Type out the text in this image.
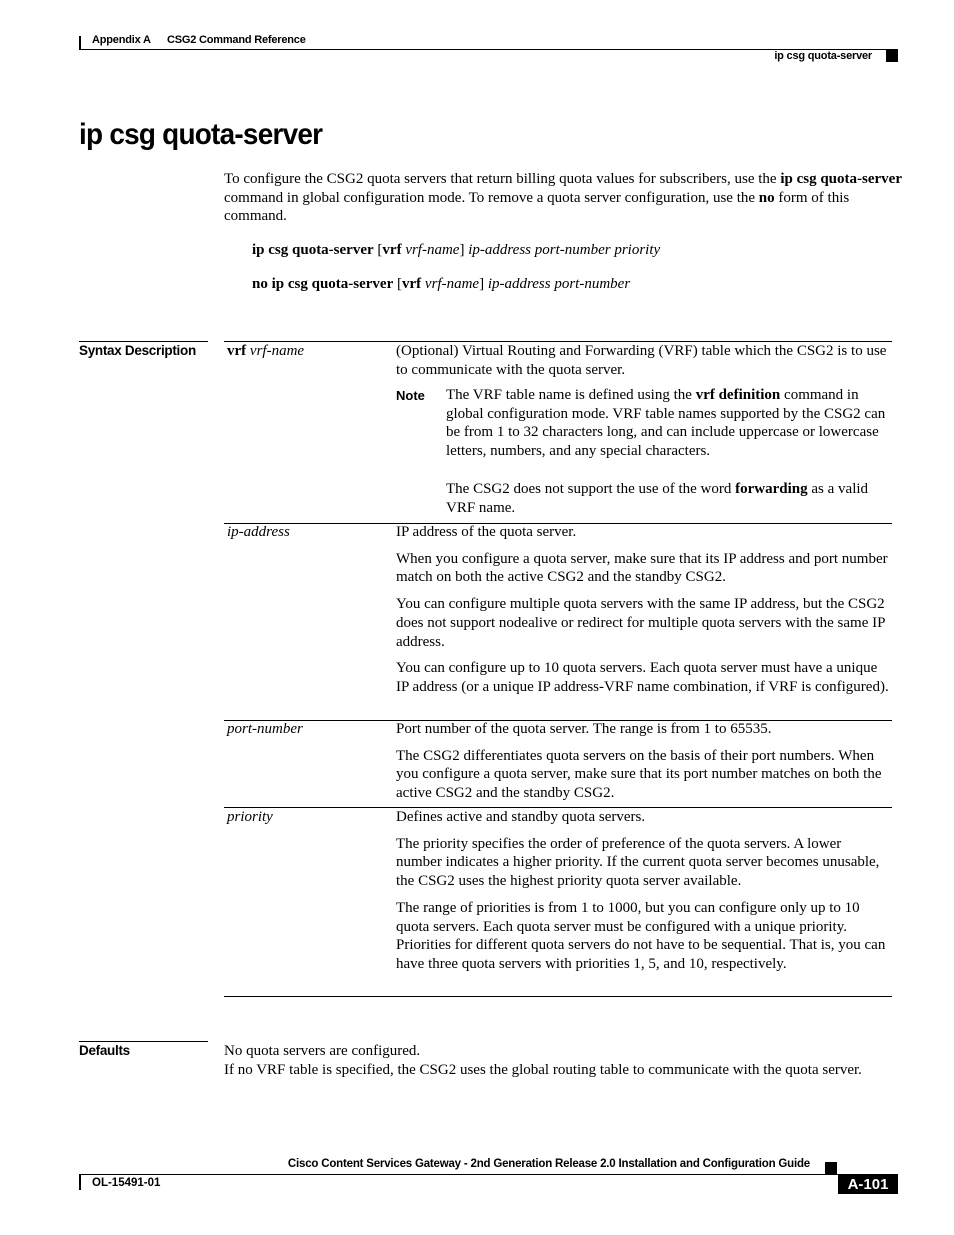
Appendix A CSG2 Command Reference
ip csg quota-server
ip csg quota-server
To configure the CSG2 quota servers that return billing quota values for subscribers, use the ip csg quota-server command in global configuration mode. To remove a quota server configuration, use the no form of this command.
ip csg quota-server [vrf vrf-name] ip-address port-number priority
no ip csg quota-server [vrf vrf-name] ip-address port-number
Syntax Description vrf vrf-name	(Optional) Virtual Routing and Forwarding (VRF) table which the CSG2 is to use to communicate with the quota server.
Note The VRF table name is defined using the vrf definition command in global configuration mode. VRF table names supported by the CSG2 can be from 1 to 32 characters long, and can include uppercase or lowercase letters, numbers, and any special characters.
The CSG2 does not support the use of the word forwarding as a valid VRF name.
ip-address	IP address of the quota server.

When you configure a quota server, make sure that its IP address and port number match on both the active CSG2 and the standby CSG2.

You can configure multiple quota servers with the same IP address, but the CSG2 does not support nodealive or redirect for multiple quota servers with the same IP address.

You can configure up to 10 quota servers. Each quota server must have a unique IP address (or a unique IP address-VRF name combination, if VRF is configured).

port-number	Port number of the quota server. The range is from 1 to 65535.

The CSG2 differentiates quota servers on the basis of their port numbers. When you configure a quota server, make sure that its port number matches on both the active CSG2 and the standby CSG2.

priority	Defines active and standby quota servers.

The priority specifies the order of preference of the quota servers. A lower number indicates a higher priority. If the current quota server becomes unusable, the CSG2 uses the highest priority quota server available.

The range of priorities is from 1 to 1000, but you can configure only up to 10 quota servers. Each quota server must be configured with a unique priority. Priorities for different quota servers do not have to be sequential. That is, you can have three quota servers with priorities 1, 5, and 10, respectively.

Defaults	No quota servers are configured.
If no VRF table is specified, the CSG2 uses the global routing table to communicate with the quota server.
Cisco Content Services Gateway - 2nd Generation Release 2.0 Installation and Configuration Guide
OL-15491-01	A-101
